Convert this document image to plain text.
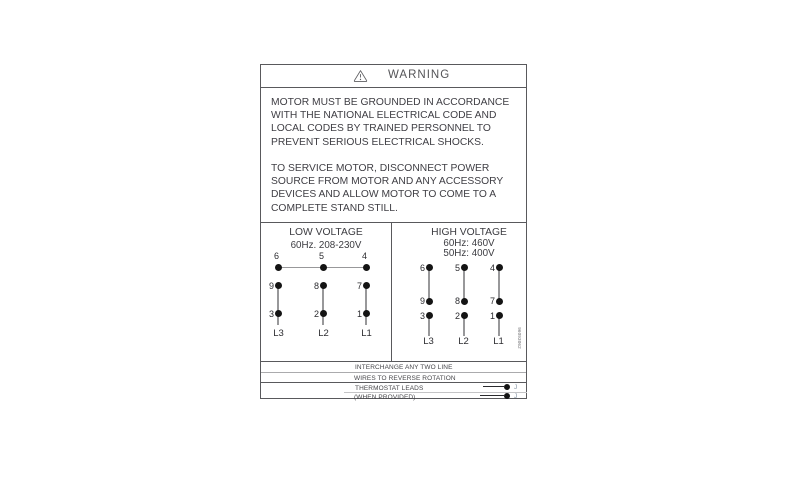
WARNING
MOTOR MUST BE GROUNDED IN ACCORDANCE
WITH THE NATIONAL ELECTRICAL CODE AND
LOCAL CODES BY TRAINED PERSONNEL TO
PREVENT SERIOUS ELECTRICAL SHOCKS.
TO SERVICE MOTOR, DISCONNECT POWER
SOURCE FROM MOTOR AND ANY ACCESSORY
DEVICES AND ALLOW MOTOR TO COME TO A
COMPLETE STAND STILL.
LOW VOLTAGE
60Hz. 208-230V
6	5	4
9	8	7
3	2	1
L3	L2	L1
HIGH VOLTAGE
60Hz: 460V
50Hz: 400V
6	5	4
9	8	7
3	2	1
L3	L2	L1	96093062
INTERCHANGE ANY TWO LINE
WIRES TO REVERSE ROTATION
THERMOSTAT LEADS	J
(WHEN PROVIDED)	J
